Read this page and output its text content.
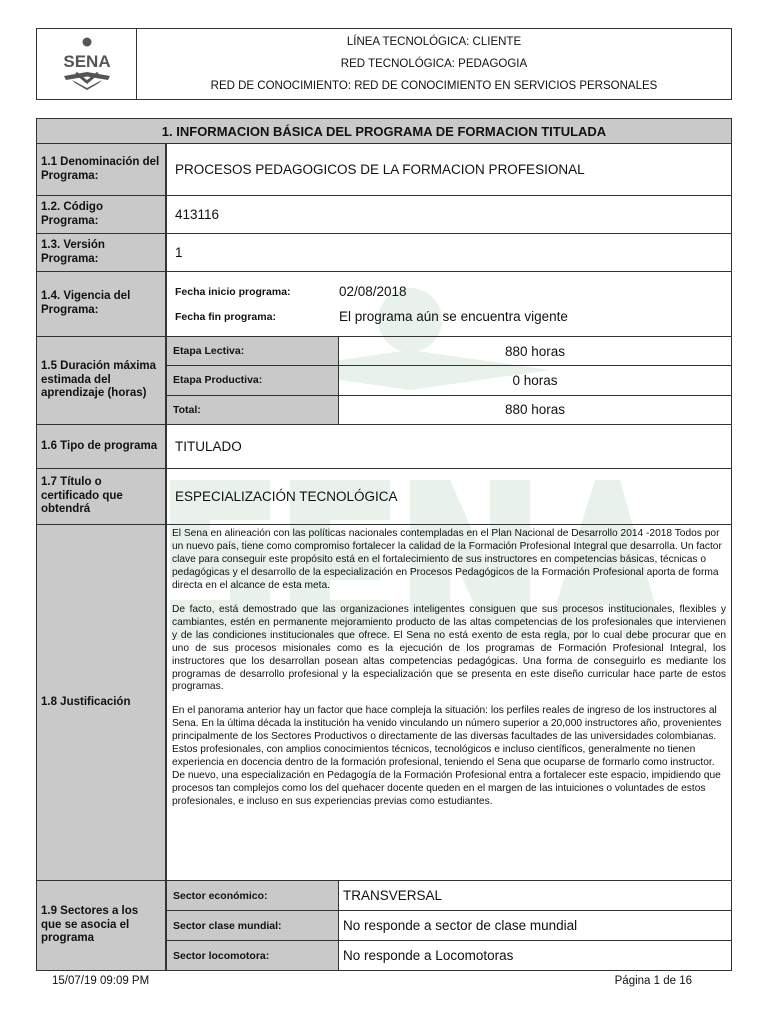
SENA
LÍNEA TECNOLÓGICA: CLIENTE
RED TECNOLÓGICA: PEDAGOGIA
RED DE CONOCIMIENTO: RED DE CONOCIMIENTO EN SERVICIOS PERSONALES
1. INFORMACION BÁSICA DEL PROGRAMA DE FORMACION TITULADA
1.1 Denominación del Programa:	PROCESOS PEDAGOGICOS DE LA FORMACION PROFESIONAL
1.2. Código Programa:	413116
1.3. Versión Programa:	1
1.4. Vigencia del Programa:
Fecha inicio programa:	02/08/2018
Fecha fin programa:	El programa aún se encuentra vigente
1.5 Duración máxima estimada del aprendizaje (horas)
Etapa Lectiva:	880 horas
Etapa Productiva:	0 horas
Total:	880 horas
1.6 Tipo de programa	TITULADO
1.7 Título o certificado que obtendrá
ESPECIALIZACIÓN TECNOLÓGICA
1.8 Justificación

El Sena en alineación con las políticas nacionales contempladas en el Plan Nacional de Desarrollo 2014 -2018 Todos por un nuevo país, tiene como compromiso fortalecer la calidad de la Formación Profesional Integral que desarrolla. Un factor clave para conseguir este propósito está en el fortalecimiento de sus instructores en competencias básicas, técnicas o pedagógicas y el desarrollo de la especialización en Procesos Pedagógicos de la Formación Profesional aporta de forma directa en el alcance de esta meta.

De facto, está demostrado que las organizaciones inteligentes consiguen que sus procesos institucionales, flexibles y cambiantes, estén en permanente mejoramiento producto de las altas competencias de los profesionales que intervienen y de las condiciones institucionales que ofrece. El Sena no está exento de esta regla, por lo cual debe procurar que en uno de sus procesos misionales como es la ejecución de los programas de Formación Profesional Integral, los instructores que los desarrollan posean altas competencias pedagógicas. Una forma de conseguirlo es mediante los programas de desarrollo profesional y la especialización que se presenta en este diseño curricular hace parte de estos programas.

En el panorama anterior hay un factor que hace compleja la situación: los perfiles reales de ingreso de los instructores al Sena. En la última década la institución ha venido vinculando un número superior a 20,000 instructores año, provenientes principalmente de los Sectores Productivos o directamente de las diversas facultades de las universidades colombianas. Estos profesionales, con amplios conocimientos técnicos, tecnológicos e incluso científicos, generalmente no tienen experiencia en docencia dentro de la formación profesional, teniendo el Sena que ocuparse de formarlo como instructor. De nuevo, una especialización en Pedagogía de la Formación Profesional entra a fortalecer este espacio, impidiendo que procesos tan complejos como los del quehacer docente queden en el margen de las intuiciones o voluntades de estos profesionales, e incluso en sus experiencias previas como estudiantes.

1.9 Sectores a los que se asocia el programa
Sector económico:	TRANSVERSAL
Sector clase mundial:	No responde a sector de clase mundial
Sector locomotora:	No responde a Locomotoras
15/07/19 09:09 PM	Página 1 de 16
